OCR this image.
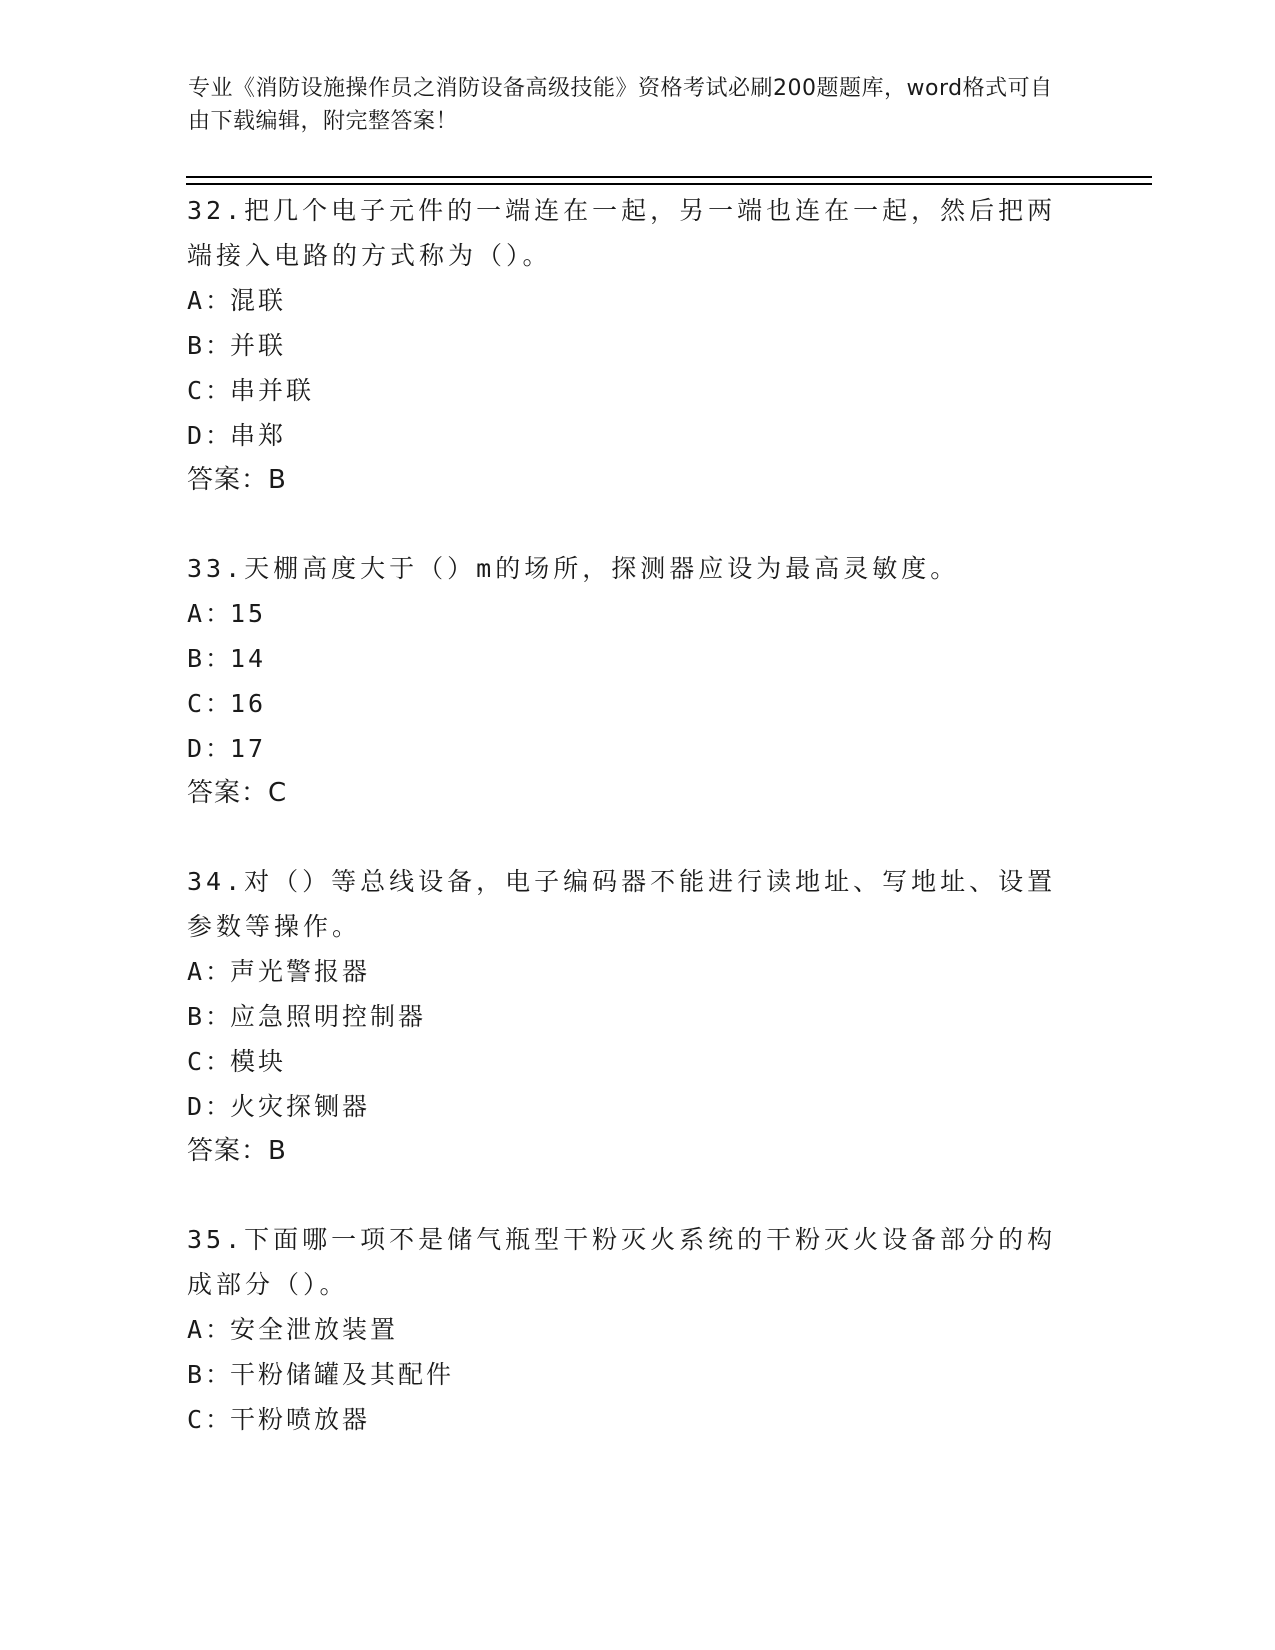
专业《消防设施操作员之消防设备高级技能》资格考试必刷200题题库，word格式可自由下载编辑，附完整答案！

32.把几个电子元件的一端连在一起，另一端也连在一起，然后把两端接入电路的方式称为（）。

A：混联
B：并联
C：串并联
D：串郑
答案：B

33.天棚高度大于（）m的场所，探测器应设为最高灵敏度。

A：15
B：14
C：16
D：17
答案：C

34.对（）等总线设备，电子编码器不能进行读地址、写地址、设置参数等操作。

A：声光警报器
B：应急照明控制器
C：模块
D：火灾探铡器
答案：B

35.下面哪一项不是储气瓶型干粉灭火系统的干粉灭火设备部分的构成部分（）。

A：安全泄放装置
B：干粉储罐及其配件
C：干粉喷放器
